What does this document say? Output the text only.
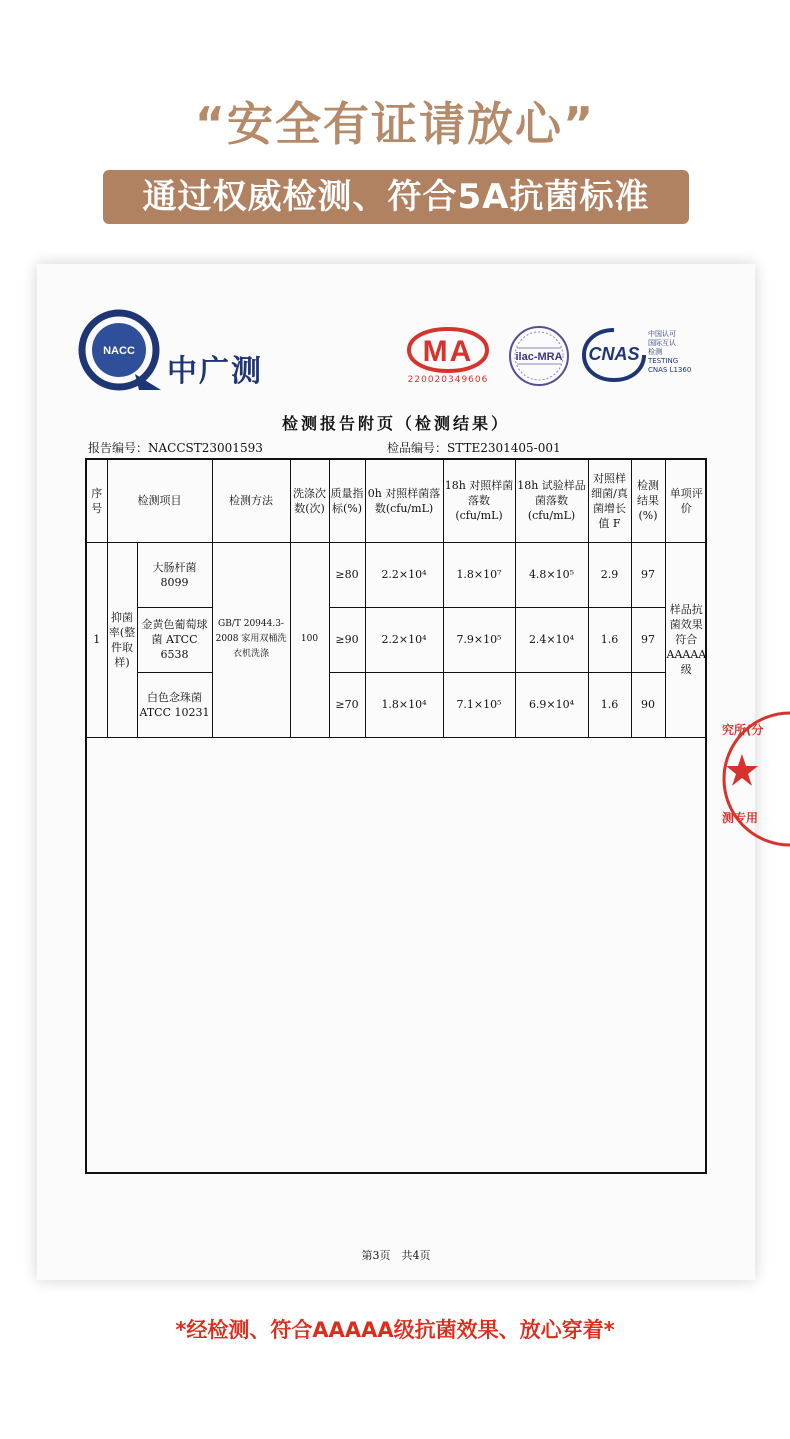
“安全有证请放心”
通过权威检测、符合5A抗菌标准
NACC
中广测
MA
220020349606
ilac-MRA CNAS
中国认可
国际互认
检测
TESTING
CNAS L1360
检测报告附页（检测结果）
报告编号：NACCST23001593	检品编号：STTE2301405-001
序号	检测项目		检测方法	洗涤次数(次)	质量指标(%)	0h 对照样菌落数(cfu/mL)	18h 对照样菌落数(cfu/mL)	18h 试验样品菌落数(cfu/mL)	对照样细菌/真菌增长值 F	检测结果(%)	单项评价
1	抑菌率(整件取样)	大肠杆菌 8099	GB/T 20944.3-2008 家用双桶洗衣机洗涤	100	≥80	2.2×10⁴	1.8×10⁷	4.8×10⁵	2.9	97	样品抗菌效果符合AAAAA级
		金黄色葡萄球菌 ATCC 6538			≥90	2.2×10⁴	7.9×10⁵	2.4×10⁴	1.6	97	
		白色念珠菌 ATCC 10231			≥70	1.8×10⁴	7.1×10⁵	6.9×10⁴	1.6	90	
第3页　共4页
究所(分
测专用
*经检测、符合AAAAA级抗菌效果、放心穿着*
